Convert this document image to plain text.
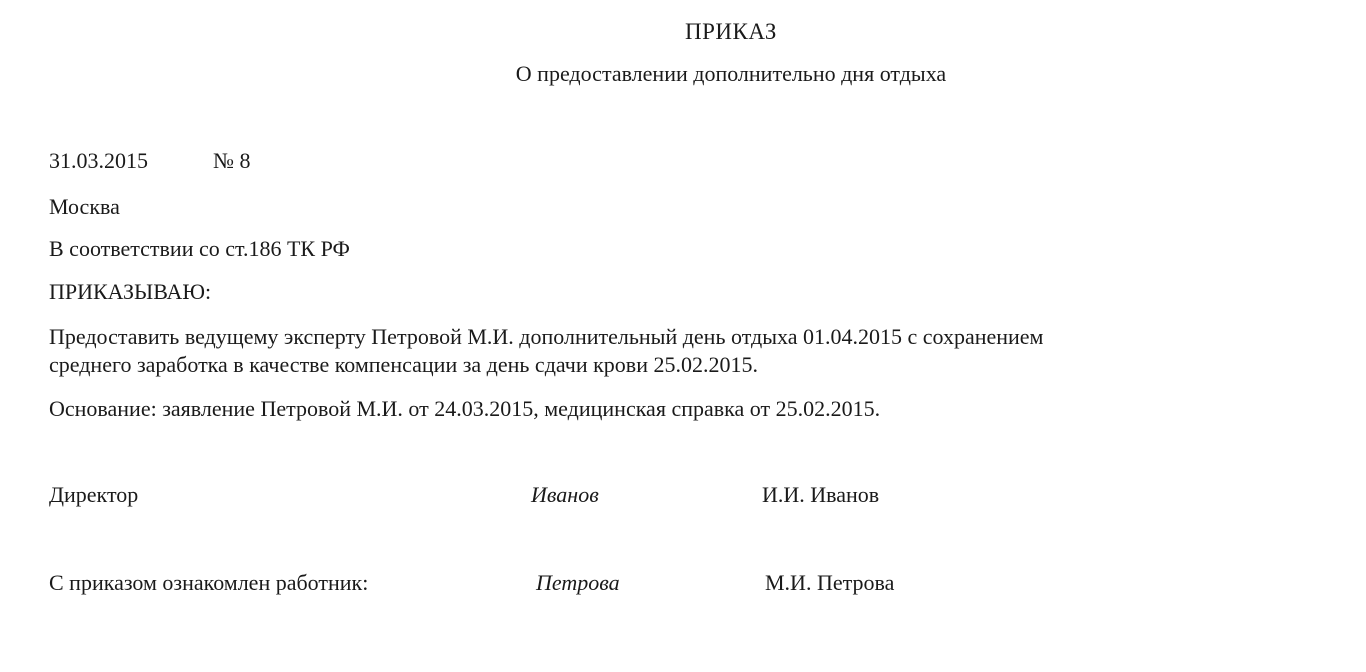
ПРИКАЗ
О предоставлении дополнительно дня отдыха
31.03.2015	№ 8
Москва
В соответствии со ст.186 ТК РФ
ПРИКАЗЫВАЮ:
Предоставить ведущему эксперту Петровой М.И. дополнительный день отдыха 01.04.2015 с сохранением
среднего заработка в качестве компенсации за день сдачи крови 25.02.2015.
Основание: заявление Петровой М.И. от 24.03.2015, медицинская справка от 25.02.2015.
Директор	Иванов	И.И. Иванов
С приказом ознакомлен работник:	Петрова	М.И. Петрова
